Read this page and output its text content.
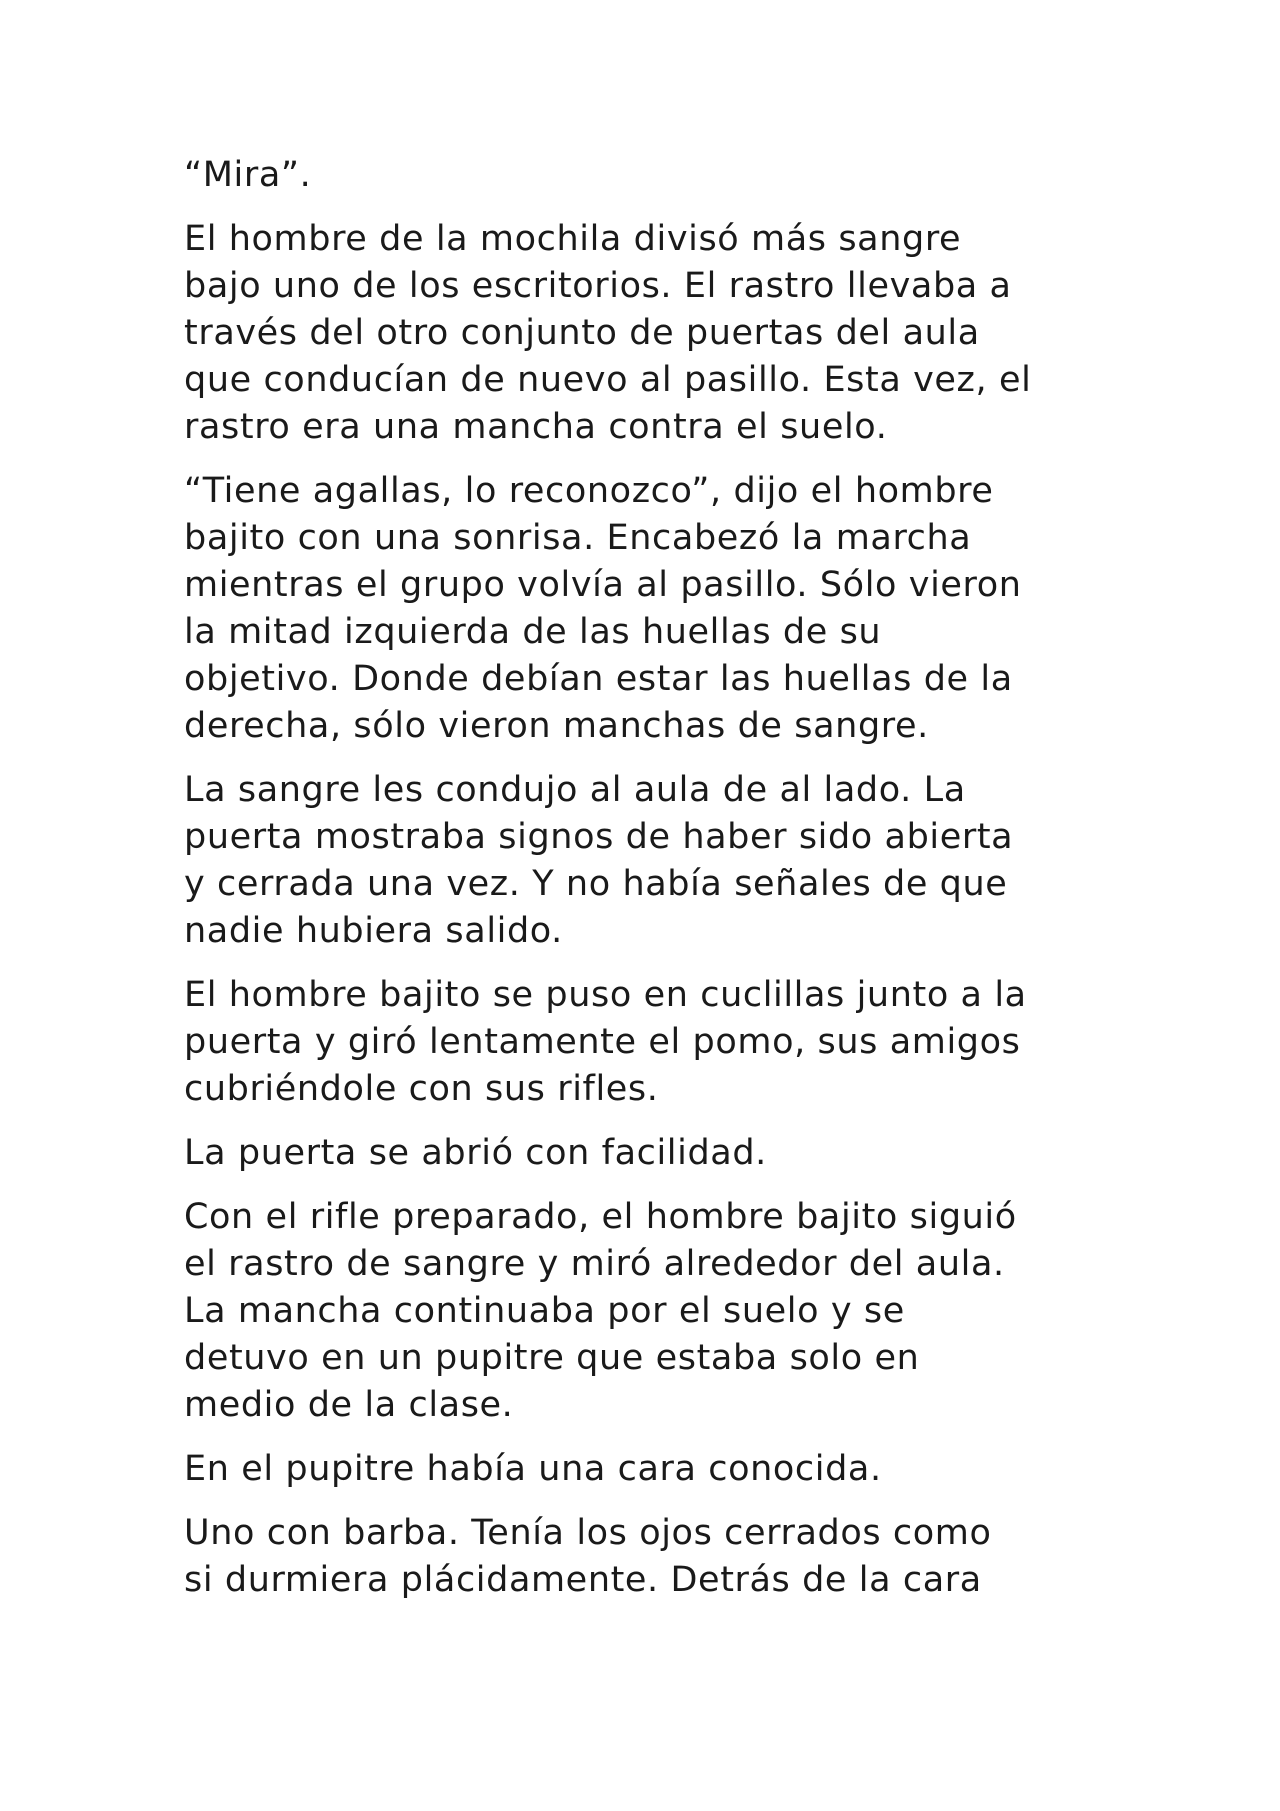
“Mira”.

El hombre de la mochila divisó más sangre
bajo uno de los escritorios. El rastro llevaba a
través del otro conjunto de puertas del aula
que conducían de nuevo al pasillo. Esta vez, el
rastro era una mancha contra el suelo.

“Tiene agallas, lo reconozco”, dijo el hombre
bajito con una sonrisa. Encabezó la marcha
mientras el grupo volvía al pasillo. Sólo vieron
la mitad izquierda de las huellas de su
objetivo. Donde debían estar las huellas de la
derecha, sólo vieron manchas de sangre.

La sangre les condujo al aula de al lado. La
puerta mostraba signos de haber sido abierta
y cerrada una vez. Y no había señales de que
nadie hubiera salido.

El hombre bajito se puso en cuclillas junto a la
puerta y giró lentamente el pomo, sus amigos
cubriéndole con sus rifles.

La puerta se abrió con facilidad.

Con el rifle preparado, el hombre bajito siguió
el rastro de sangre y miró alrededor del aula.
La mancha continuaba por el suelo y se
detuvo en un pupitre que estaba solo en
medio de la clase.

En el pupitre había una cara conocida.

Uno con barba. Tenía los ojos cerrados como
si durmiera plácidamente. Detrás de la cara
